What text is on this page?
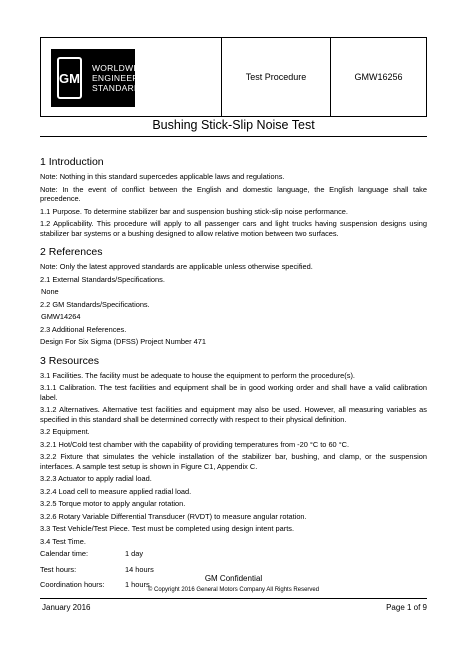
GM
WORLDWIDE
ENGINEERING
STANDARDS
Test Procedure	GMW16256
Bushing Stick-Slip Noise Test
1 Introduction
Note: Nothing in this standard supercedes applicable laws and regulations.
Note: In the event of conflict between the English and domestic language, the English language shall take precedence.
1.1 Purpose. To determine stabilizer bar and suspension bushing stick-slip noise performance.
1.2 Applicability. This procedure will apply to all passenger cars and light trucks having suspension designs using stabilizer bar systems or a bushing designed to allow relative motion between two surfaces.
2 References
Note: Only the latest approved standards are applicable unless otherwise specified.
2.1 External Standards/Specifications.
None
2.2 GM Standards/Specifications.
GMW14264
2.3 Additional References.
Design For Six Sigma (DFSS) Project Number 471
3 Resources
3.1 Facilities. The facility must be adequate to house the equipment to perform the procedure(s).
3.1.1 Calibration. The test facilities and equipment shall be in good working order and shall have a valid calibration label.
3.1.2 Alternatives. Alternative test facilities and equipment may also be used. However, all measuring variables as specified in this standard shall be determined correctly with respect to their physical definition.
3.2 Equipment.
3.2.1 Hot/Cold test chamber with the capability of providing temperatures from -20 °C to 60 °C.
3.2.2 Fixture that simulates the vehicle installation of the stabilizer bar, bushing, and clamp, or the suspension interfaces. A sample test setup is shown in Figure C1, Appendix C.
3.2.3 Actuator to apply radial load.
3.2.4 Load cell to measure applied radial load.
3.2.5 Torque motor to apply angular rotation.
3.2.6 Rotary Variable Differential Transducer (RVDT) to measure angular rotation.
3.3 Test Vehicle/Test Piece. Test must be completed using design intent parts.
3.4 Test Time.
Calendar time:	1 day
Test hours:	14 hours
Coordination hours:	1 hours
GM Confidential
© Copyright 2016 General Motors Company All Rights Reserved
January 2016	Page 1 of 9
